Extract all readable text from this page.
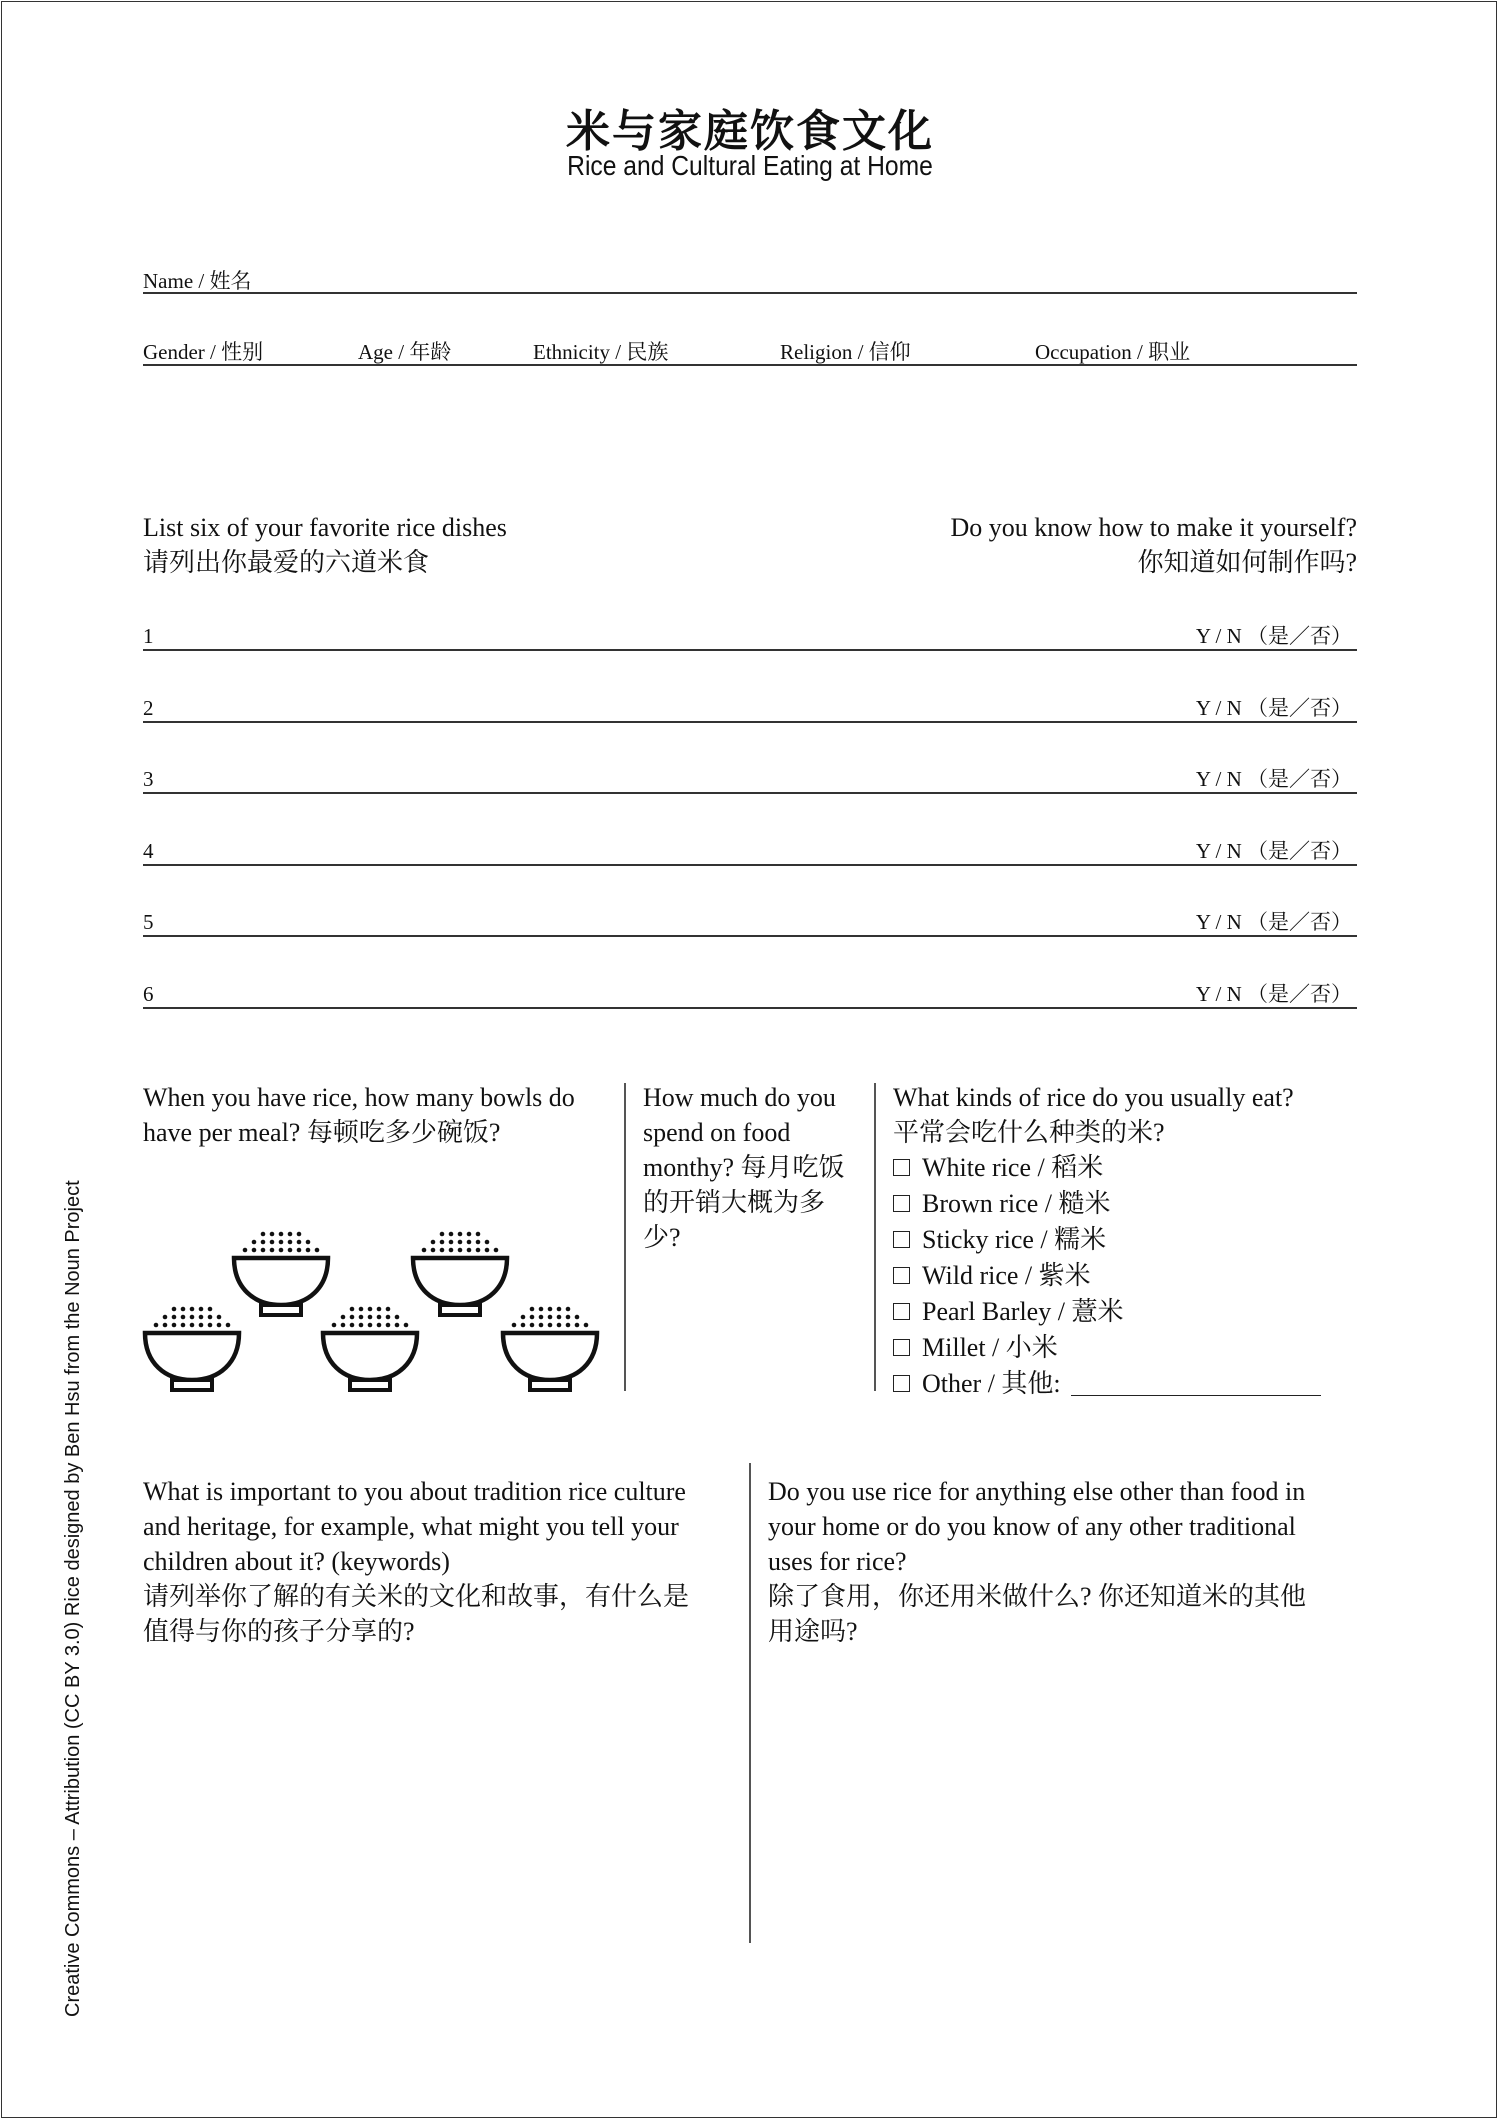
米与家庭饮食文化
Rice and Cultural Eating at Home
Name / 姓名
Gender / 性别	Age / 年龄	Ethnicity / 民族	Religion / 信仰	Occupation / 职业
List six of your favorite rice dishes
请列出你最爱的六道米食
Do you know how to make it yourself?
你知道如何制作吗?
1	Y / N （是／否）
2	Y / N （是／否）
3	Y / N （是／否）
4	Y / N （是／否）
5	Y / N （是／否）
6	Y / N （是／否）
When you have rice, how many bowls do
have per meal? 每顿吃多少碗饭?
How much do you
spend on food
monthy? 每月吃饭
的开销大概为多
少?
What kinds of rice do you usually eat?
平常会吃什么种类的米?
White rice / 稻米
Brown rice / 糙米
Sticky rice / 糯米
Wild rice / 紫米
Pearl Barley / 薏米
Millet / 小米
Other / 其他:
What is important to you about tradition rice culture
and heritage, for example, what might you tell your
children about it? (keywords)
请列举你了解的有关米的文化和故事，有什么是
值得与你的孩子分享的?
Do you use rice for anything else other than food in
your home or do you know of any other traditional
uses for rice?
除了食用，你还用米做什么? 你还知道米的其他
用途吗?
Creative Commons – Attribution (CC BY 3.0) Rice designed by Ben Hsu from the Noun Project
